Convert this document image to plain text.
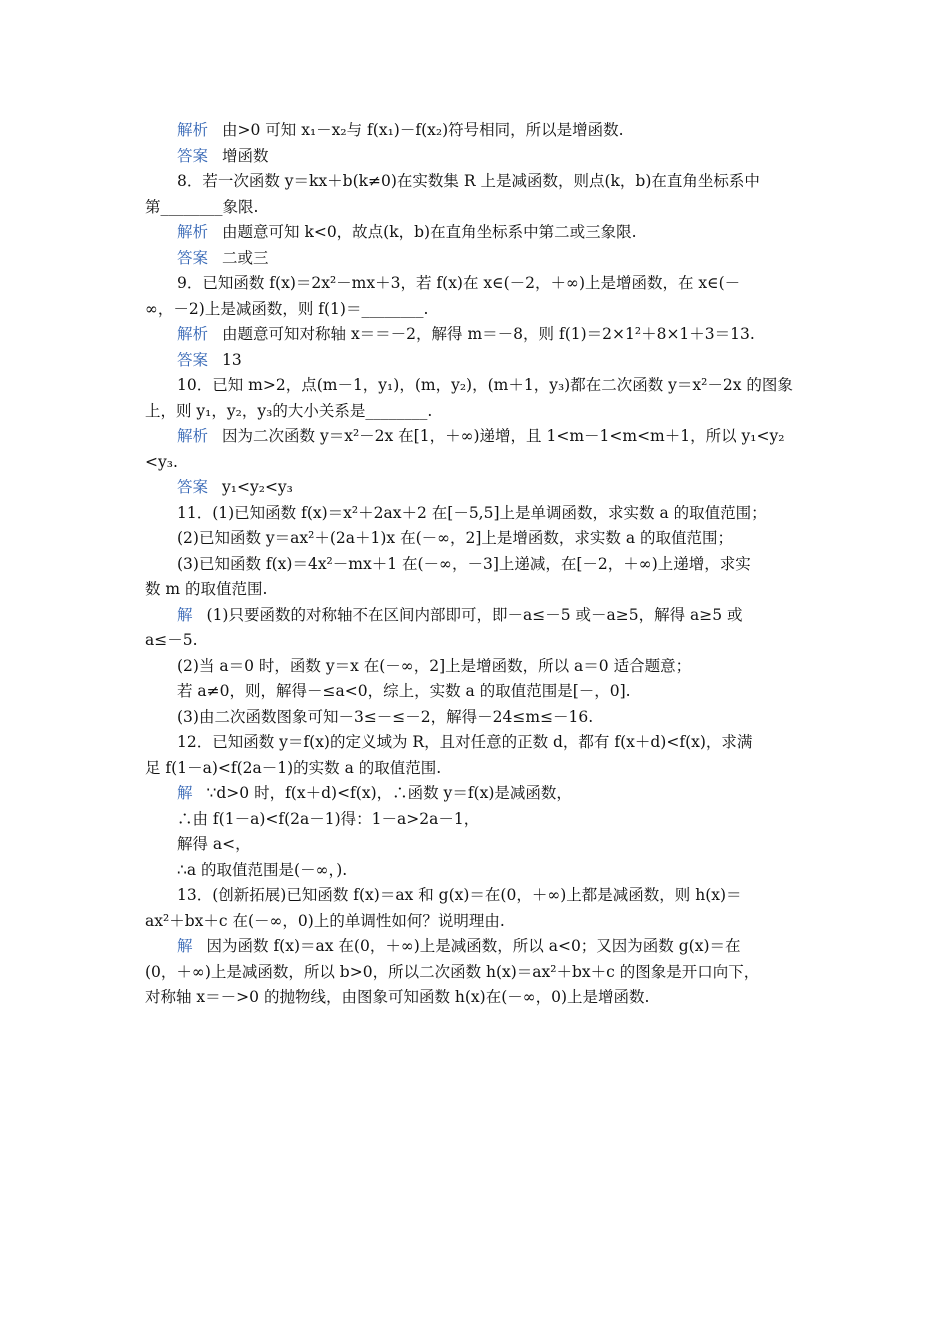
解析 由>0 可知 x₁－x₂与 f(x₁)－f(x₂)符号相同，所以是增函数.
答案 增函数
8．若一次函数 y＝kx＋b(k≠0)在实数集 R 上是减函数，则点(k，b)在直角坐标系中
第________象限.
解析 由题意可知 k<0，故点(k，b)在直角坐标系中第二或三象限.
答案 二或三
9．已知函数 f(x)＝2x²－mx＋3，若 f(x)在 x∈(－2，＋∞)上是增函数，在 x∈(－
∞，－2)上是减函数，则 f(1)＝________.
解析 由题意可知对称轴 x＝＝－2，解得 m＝－8，则 f(1)＝2×1²＋8×1＋3＝13.
答案 13
10．已知 m>2，点(m－1，y₁)，(m，y₂)，(m＋1，y₃)都在二次函数 y＝x²－2x 的图象
上，则 y₁，y₂，y₃的大小关系是________.
解析 因为二次函数 y＝x²－2x 在[1，＋∞)递增，且 1<m－1<m<m＋1，所以 y₁<y₂
<y₃.
答案 y₁<y₂<y₃
11．(1)已知函数 f(x)＝x²＋2ax＋2 在[－5,5]上是单调函数，求实数 a 的取值范围；
(2)已知函数 y＝ax²＋(2a＋1)x 在(－∞，2]上是增函数，求实数 a 的取值范围；
(3)已知函数 f(x)＝4x²－mx＋1 在(－∞，－3]上递减，在[－2，＋∞)上递增，求实
数 m 的取值范围.
解 (1)只要函数的对称轴不在区间内部即可，即－a≤－5 或－a≥5，解得 a≥5 或
a≤－5.
(2)当 a＝0 时，函数 y＝x 在(－∞，2]上是增函数，所以 a＝0 适合题意；
若 a≠0，则，解得－≤a<0，综上，实数 a 的取值范围是[－，0].
(3)由二次函数图象可知－3≤－≤－2，解得－24≤m≤－16.
12．已知函数 y＝f(x)的定义域为 R，且对任意的正数 d，都有 f(x＋d)<f(x)，求满
足 f(1－a)<f(2a－1)的实数 a 的取值范围.
解 ∵d>0 时，f(x＋d)<f(x)，∴函数 y＝f(x)是减函数，
∴由 f(1－a)<f(2a－1)得：1－a>2a－1，
解得 a<，
∴a 的取值范围是(－∞，).
13．(创新拓展)已知函数 f(x)＝ax 和 g(x)＝在(0，＋∞)上都是减函数，则 h(x)＝
ax²＋bx＋c 在(－∞，0)上的单调性如何？说明理由.
解 因为函数 f(x)＝ax 在(0，＋∞)上是减函数，所以 a<0；又因为函数 g(x)＝在
(0，＋∞)上是减函数，所以 b>0，所以二次函数 h(x)＝ax²＋bx＋c 的图象是开口向下，
对称轴 x＝－>0 的抛物线，由图象可知函数 h(x)在(－∞，0)上是增函数.
